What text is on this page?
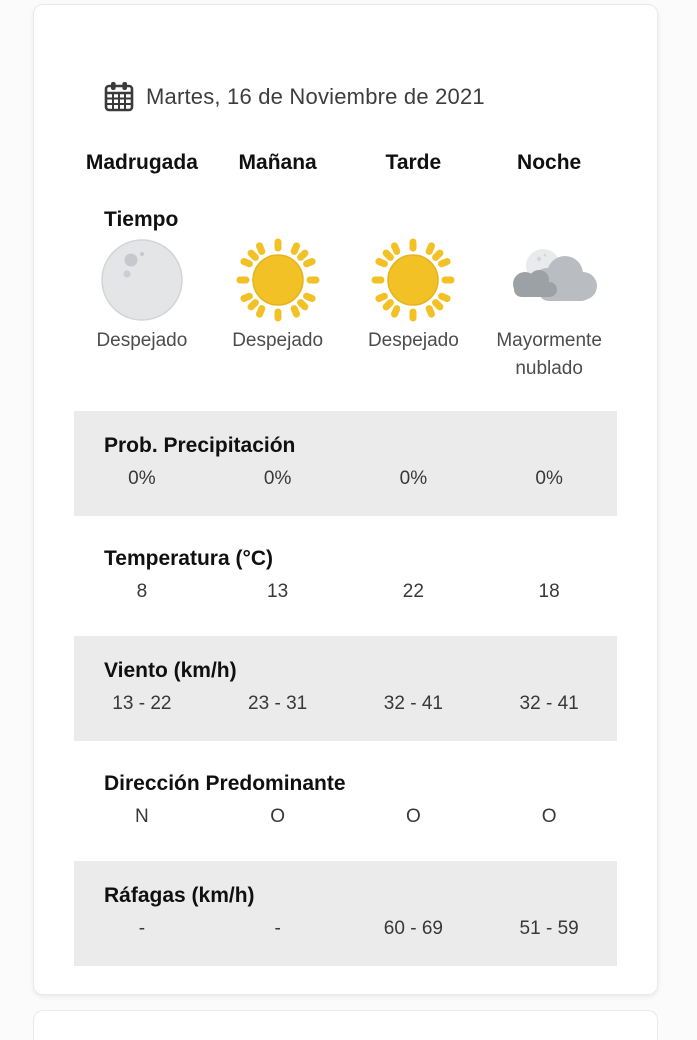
Martes, 16 de Noviembre de 2021
Madrugada	Mañana	Tarde	Noche
Tiempo
Despejado	Despejado	Despejado	Mayormente nublado
Prob. Precipitación
0%	0%	0%	0%
Temperatura (°C)
8	13	22	18
Viento (km/h)
13 - 22	23 - 31	32 - 41	32 - 41
Dirección Predominante
N	O	O	O
Ráfagas (km/h)
-	-	60 - 69	51 - 59
